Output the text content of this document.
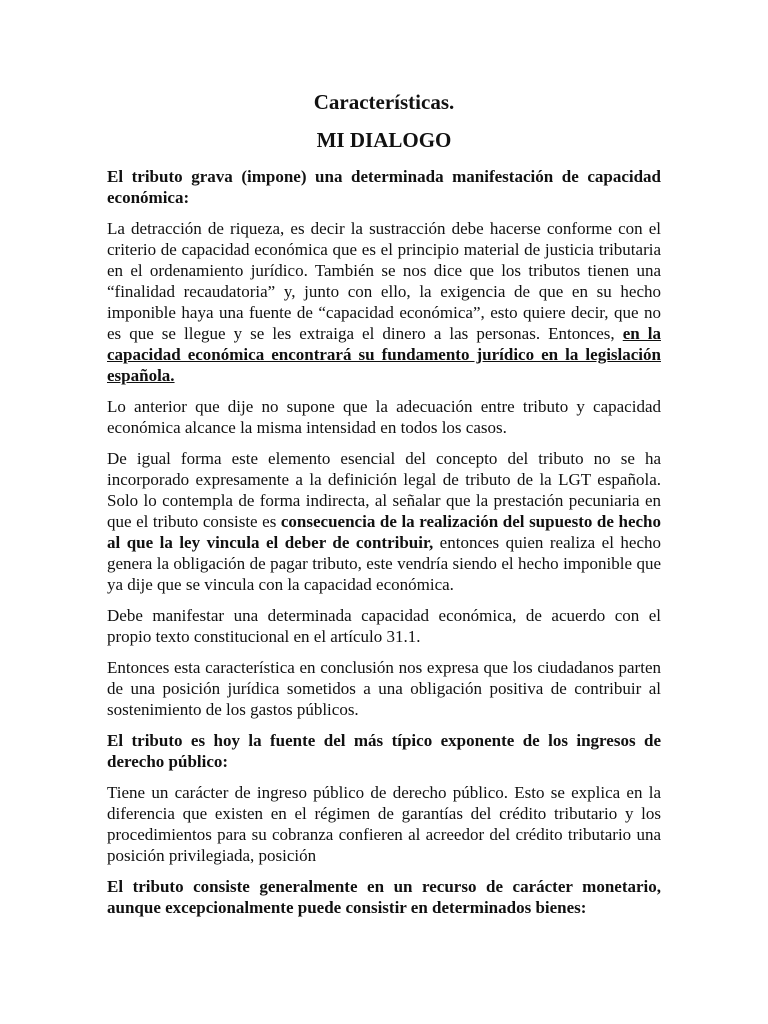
Características.
MI DIALOGO

El tributo grava (impone) una determinada manifestación de capacidad económica:

La detracción de riqueza, es decir la sustracción debe hacerse conforme con el criterio de capacidad económica que es el principio material de justicia tributaria en el ordenamiento jurídico. También se nos dice que los tributos tienen una “finalidad recaudatoria” y, junto con ello, la exigencia de que en su hecho imponible haya una fuente de “capacidad económica”, esto quiere decir, que no es que se llegue y se les extraiga el dinero a las personas. Entonces, en la capacidad económica encontrará su fundamento jurídico en la legislación española.

Lo anterior que dije no supone que la adecuación entre tributo y capacidad económica alcance la misma intensidad en todos los casos.

De igual forma este elemento esencial del concepto del tributo no se ha incorporado expresamente a la definición legal de tributo de la LGT española. Solo lo contempla de forma indirecta, al señalar que la prestación pecuniaria en que el tributo consiste es consecuencia de la realización del supuesto de hecho al que la ley vincula el deber de contribuir, entonces quien realiza el hecho genera la obligación de pagar tributo, este vendría siendo el hecho imponible que ya dije que se vincula con la capacidad económica.

Debe manifestar una determinada capacidad económica, de acuerdo con el propio texto constitucional en el artículo 31.1.

Entonces esta característica en conclusión nos expresa que los ciudadanos parten de una posición jurídica sometidos a una obligación positiva de contribuir al sostenimiento de los gastos públicos.

El tributo es hoy la fuente del más típico exponente de los ingresos de derecho público:

Tiene un carácter de ingreso público de derecho público. Esto se explica en la diferencia que existen en el régimen de garantías del crédito tributario y los procedimientos para su cobranza confieren al acreedor del crédito tributario una posición privilegiada, posición

El tributo consiste generalmente en un recurso de carácter monetario, aunque excepcionalmente puede consistir en determinados bienes:
